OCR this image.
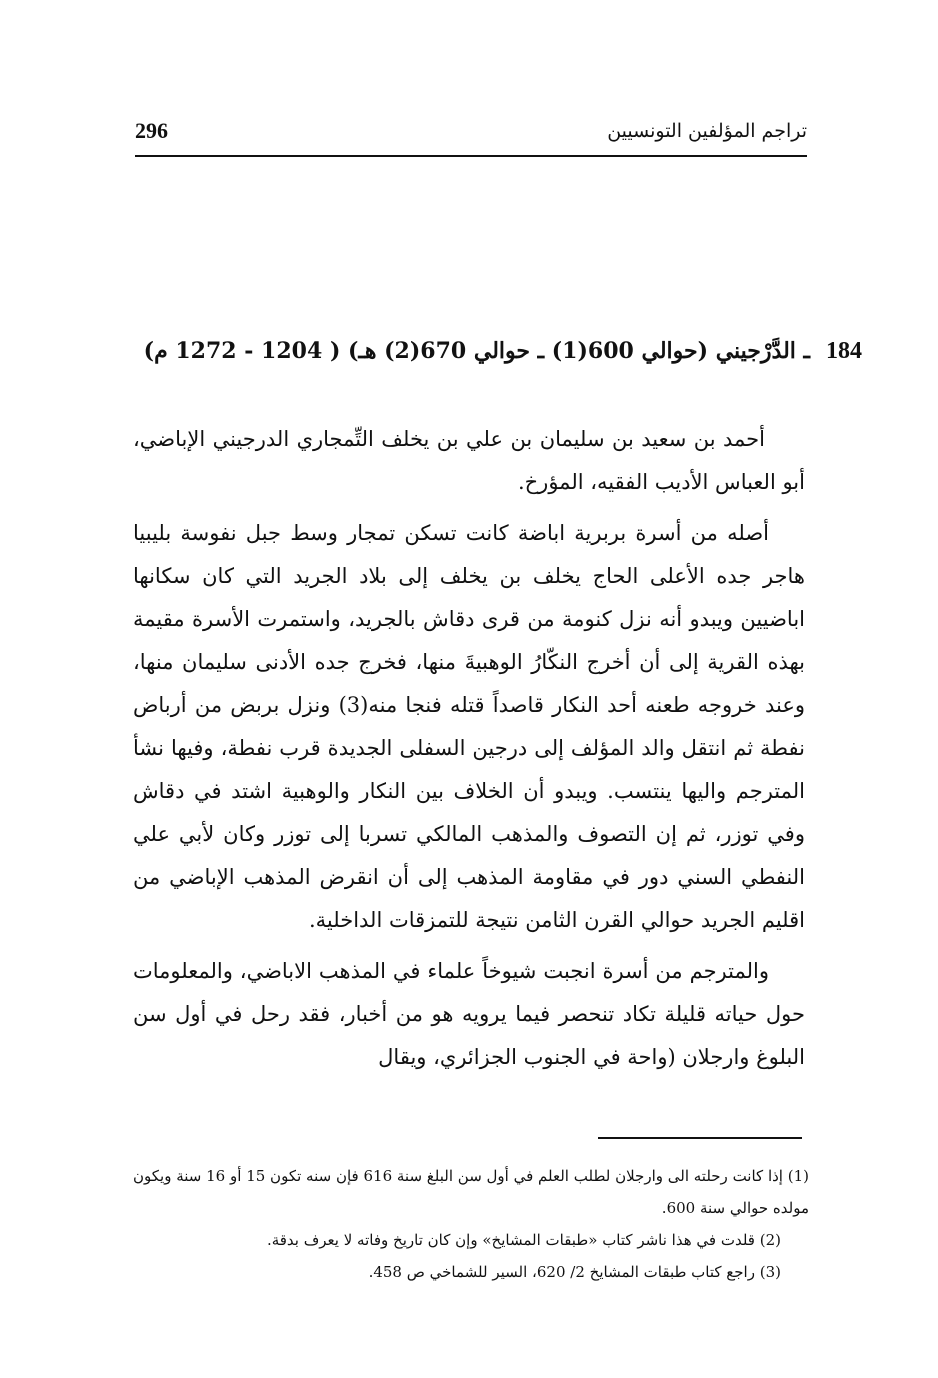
تراجم المؤلفين التونسيين
296
184ـ الدَّرْجيني (حوالي 600(1) ـ حوالي 670(2) هـ) ( 1204 - 1272 م)

أحمد بن سعيد بن سليمان بن علي بن يخلف التِّمجاري الدرجيني الإباضي، أبو العباس الأديب الفقيه، المؤرخ.

أصله من أسرة بربرية اباضة كانت تسكن تمجار وسط جبل نفوسة بليبيا هاجر جده الأعلى الحاج يخلف بن يخلف إلى بلاد الجريد التي كان سكانها اباضيين ويبدو أنه نزل كنومة من قرى دقاش بالجريد، واستمرت الأسرة مقيمة بهذه القرية إلى أن أخرج النكّارُ الوهبيةَ منها، فخرج جده الأدنى سليمان منها، وعند خروجه طعنه أحد النكار قاصداً قتله فنجا منه(3) ونزل بربض من أرباض نفطة ثم انتقل والد المؤلف إلى درجين السفلى الجديدة قرب نفطة، وفيها نشأ المترجم واليها ينتسب. ويبدو أن الخلاف بين النكار والوهبية اشتد في دقاش وفي توزر، ثم إن التصوف والمذهب المالكي تسربا إلى توزر وكان لأبي علي النفطي السني دور في مقاومة المذهب إلى أن انقرض المذهب الإباضي من اقليم الجريد حوالي القرن الثامن نتيجة للتمزقات الداخلية.

والمترجم من أسرة انجبت شيوخاً علماء في المذهب الاباضي، والمعلومات حول حياته قليلة تكاد تنحصر فيما يرويه هو من أخبار، فقد رحل في أول سن البلوغ وارجلان (واحة في الجنوب الجزائري، ويقال

(1) إذا كانت رحلته الى وارجلان لطلب العلم في أول سن البلغ سنة 616 فإن سنه تكون 15 أو 16 سنة ويكون مولده حوالي سنة 600.

(2) قلدت في هذا ناشر كتاب «طبقات المشايخ» وإن كان تاريخ وفاته لا يعرف بدقة.

(3) راجع كتاب طبقات المشايخ 2/ 620، السير للشماخي ص 458.
